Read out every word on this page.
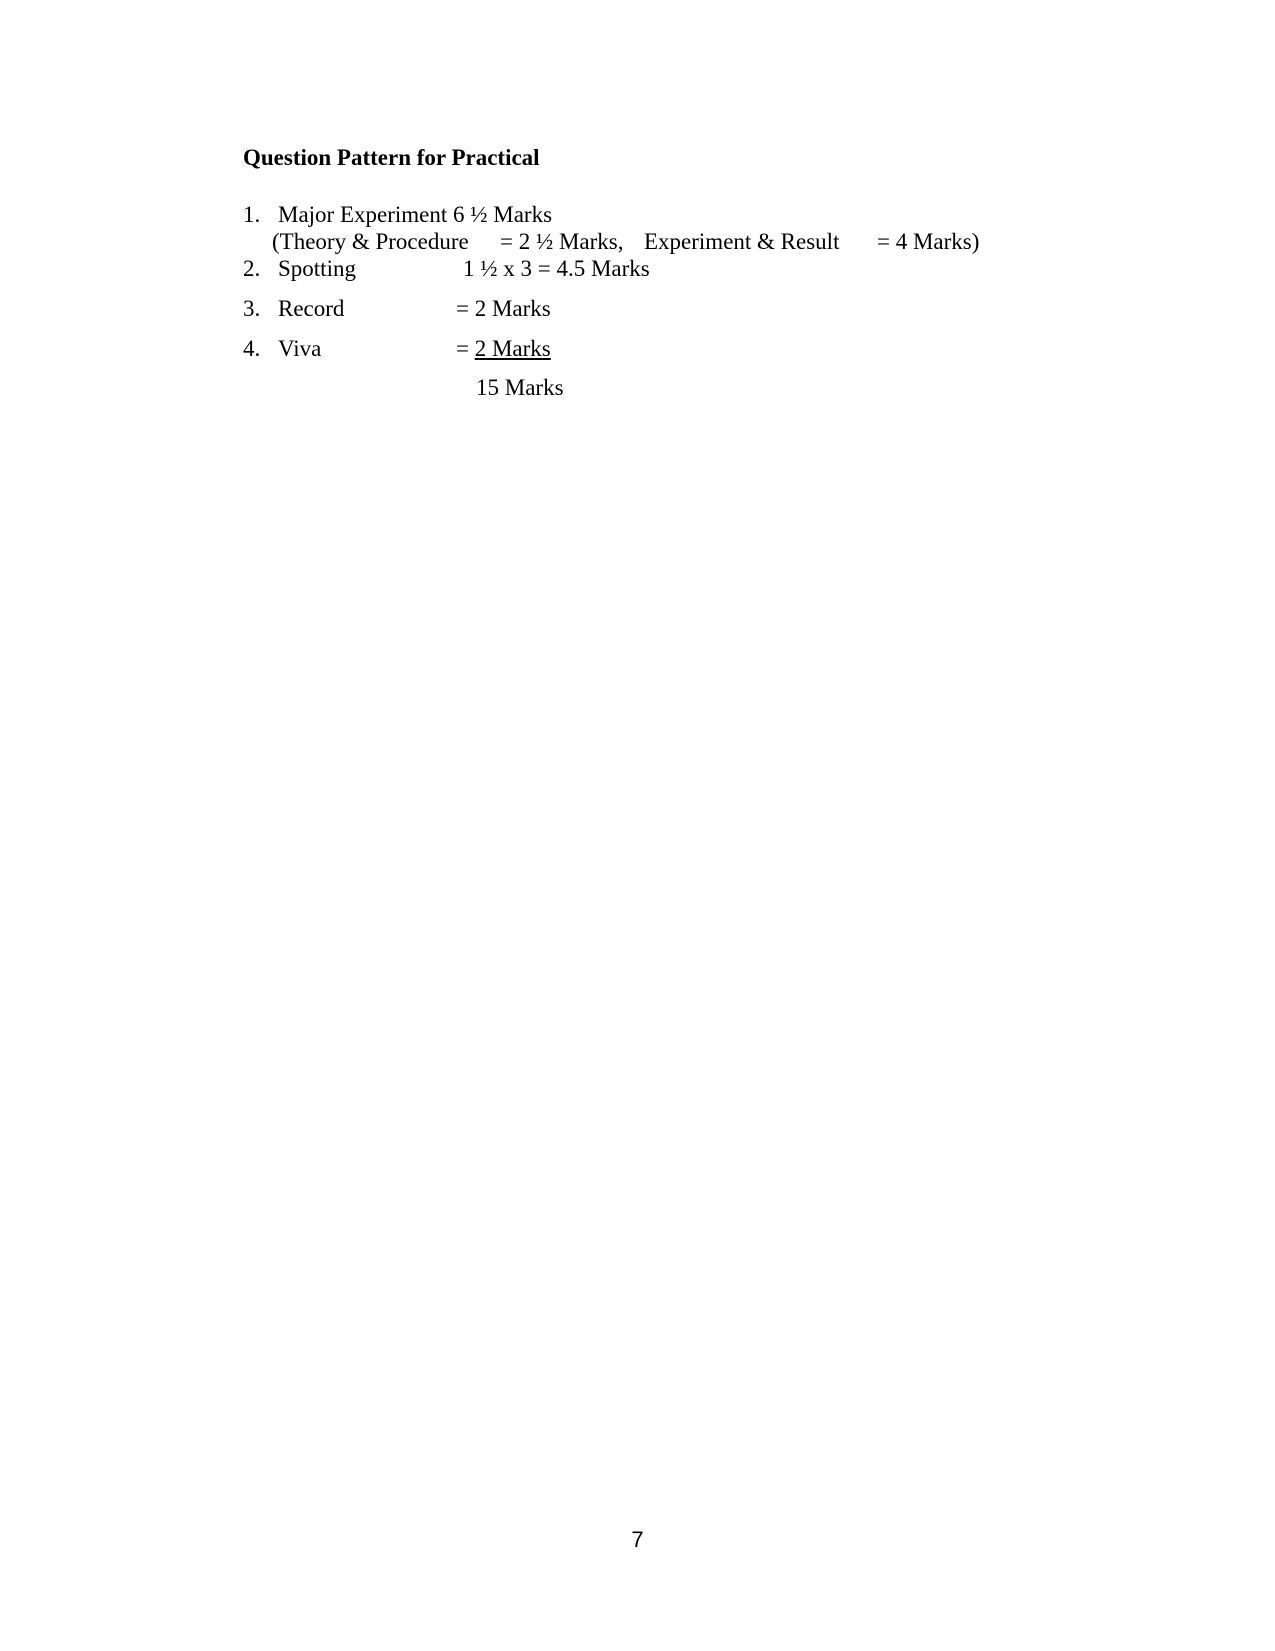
Question Pattern for Practical
1. Major Experiment 6 ½ Marks
(Theory & Procedure = 2 ½ Marks, Experiment & Result = 4 Marks)
2. Spotting	1 ½ x 3 = 4.5 Marks
3. Record	= 2 Marks
4. Viva	= 2 Marks
15 Marks
7
